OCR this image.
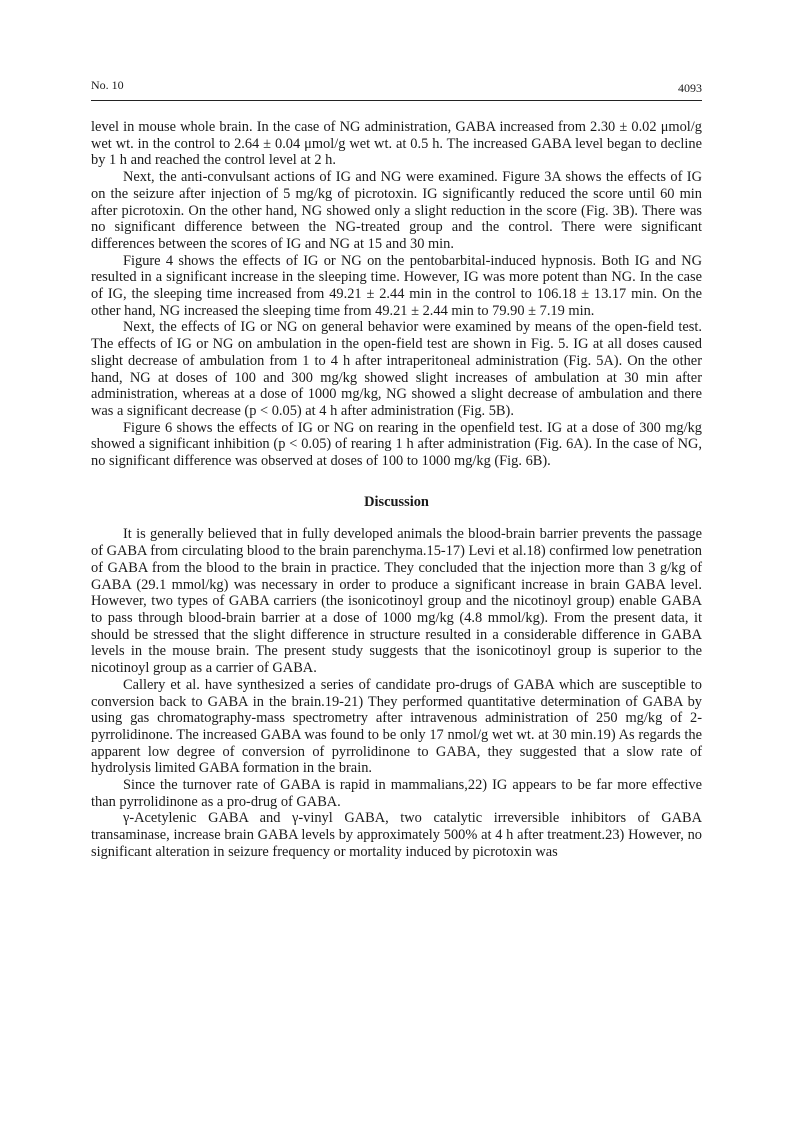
No. 10	4093

level in mouse whole brain. In the case of NG administration, GABA increased from 2.30 ± 0.02 μmol/g wet wt. in the control to 2.64 ± 0.04 μmol/g wet wt. at 0.5 h. The increased GABA level began to decline by 1 h and reached the control level at 2 h.

Next, the anti-convulsant actions of IG and NG were examined. Figure 3A shows the effects of IG on the seizure after injection of 5 mg/kg of picrotoxin. IG significantly reduced the score until 60 min after picrotoxin. On the other hand, NG showed only a slight reduction in the score (Fig. 3B). There was no significant difference between the NG-treated group and the control. There were significant differences between the scores of IG and NG at 15 and 30 min.

Figure 4 shows the effects of IG or NG on the pentobarbital-induced hypnosis. Both IG and NG resulted in a significant increase in the sleeping time. However, IG was more potent than NG. In the case of IG, the sleeping time increased from 49.21 ± 2.44 min in the control to 106.18 ± 13.17 min. On the other hand, NG increased the sleeping time from 49.21 ± 2.44 min to 79.90 ± 7.19 min.

Next, the effects of IG or NG on general behavior were examined by means of the open-field test. The effects of IG or NG on ambulation in the open-field test are shown in Fig. 5. IG at all doses caused slight decrease of ambulation from 1 to 4 h after intraperitoneal administration (Fig. 5A). On the other hand, NG at doses of 100 and 300 mg/kg showed slight increases of ambulation at 30 min after administration, whereas at a dose of 1000 mg/kg, NG showed a slight decrease of ambulation and there was a significant decrease (p < 0.05) at 4 h after administration (Fig. 5B).

Figure 6 shows the effects of IG or NG on rearing in the openfield test. IG at a dose of 300 mg/kg showed a significant inhibition (p < 0.05) of rearing 1 h after administration (Fig. 6A). In the case of NG, no significant difference was observed at doses of 100 to 1000 mg/kg (Fig. 6B).

Discussion

It is generally believed that in fully developed animals the blood-brain barrier prevents the passage of GABA from circulating blood to the brain parenchyma.15-17) Levi et al.18) confirmed low penetration of GABA from the blood to the brain in practice. They concluded that the injection more than 3 g/kg of GABA (29.1 mmol/kg) was necessary in order to produce a significant increase in brain GABA level. However, two types of GABA carriers (the isonicotinoyl group and the nicotinoyl group) enable GABA to pass through blood-brain barrier at a dose of 1000 mg/kg (4.8 mmol/kg). From the present data, it should be stressed that the slight difference in structure resulted in a considerable difference in GABA levels in the mouse brain. The present study suggests that the isonicotinoyl group is superior to the nicotinoyl group as a carrier of GABA.

Callery et al. have synthesized a series of candidate pro-drugs of GABA which are susceptible to conversion back to GABA in the brain.19-21) They performed quantitative determination of GABA by using gas chromatography-mass spectrometry after intravenous administration of 250 mg/kg of 2-pyrrolidinone. The increased GABA was found to be only 17 nmol/g wet wt. at 30 min.19) As regards the apparent low degree of conversion of pyrrolidinone to GABA, they suggested that a slow rate of hydrolysis limited GABA formation in the brain.

Since the turnover rate of GABA is rapid in mammalians,22) IG appears to be far more effective than pyrrolidinone as a pro-drug of GABA.

γ-Acetylenic GABA and γ-vinyl GABA, two catalytic irreversible inhibitors of GABA transaminase, increase brain GABA levels by approximately 500% at 4 h after treatment.23) However, no significant alteration in seizure frequency or mortality induced by picrotoxin was
